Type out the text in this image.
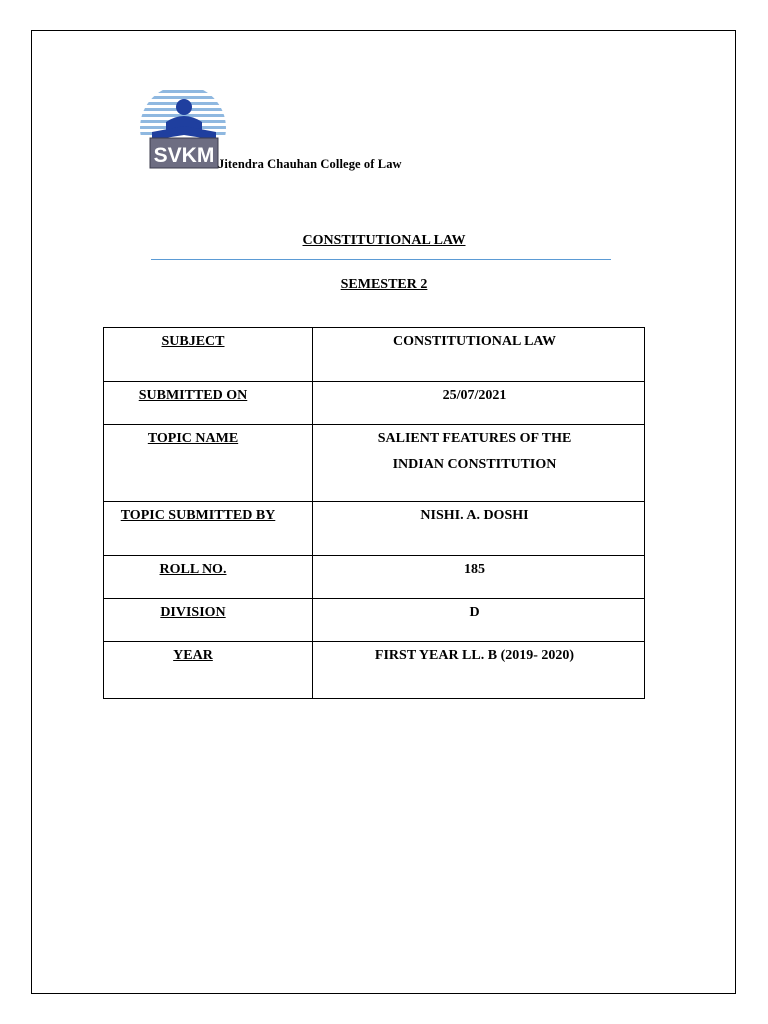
SVKM Jitendra Chauhan College of Law
CONSTITUTIONAL LAW
SEMESTER 2
SUBJECT	CONSTITUTIONAL LAW

SUBMITTED ON	25/07/2021

TOPIC NAME	SALIENT FEATURES OF THE
INDIAN CONSTITUTION

TOPIC SUBMITTED BY	NISHI. A. DOSHI

ROLL NO.	185

DIVISION	D

YEAR	FIRST YEAR LL. B (2019- 2020)
